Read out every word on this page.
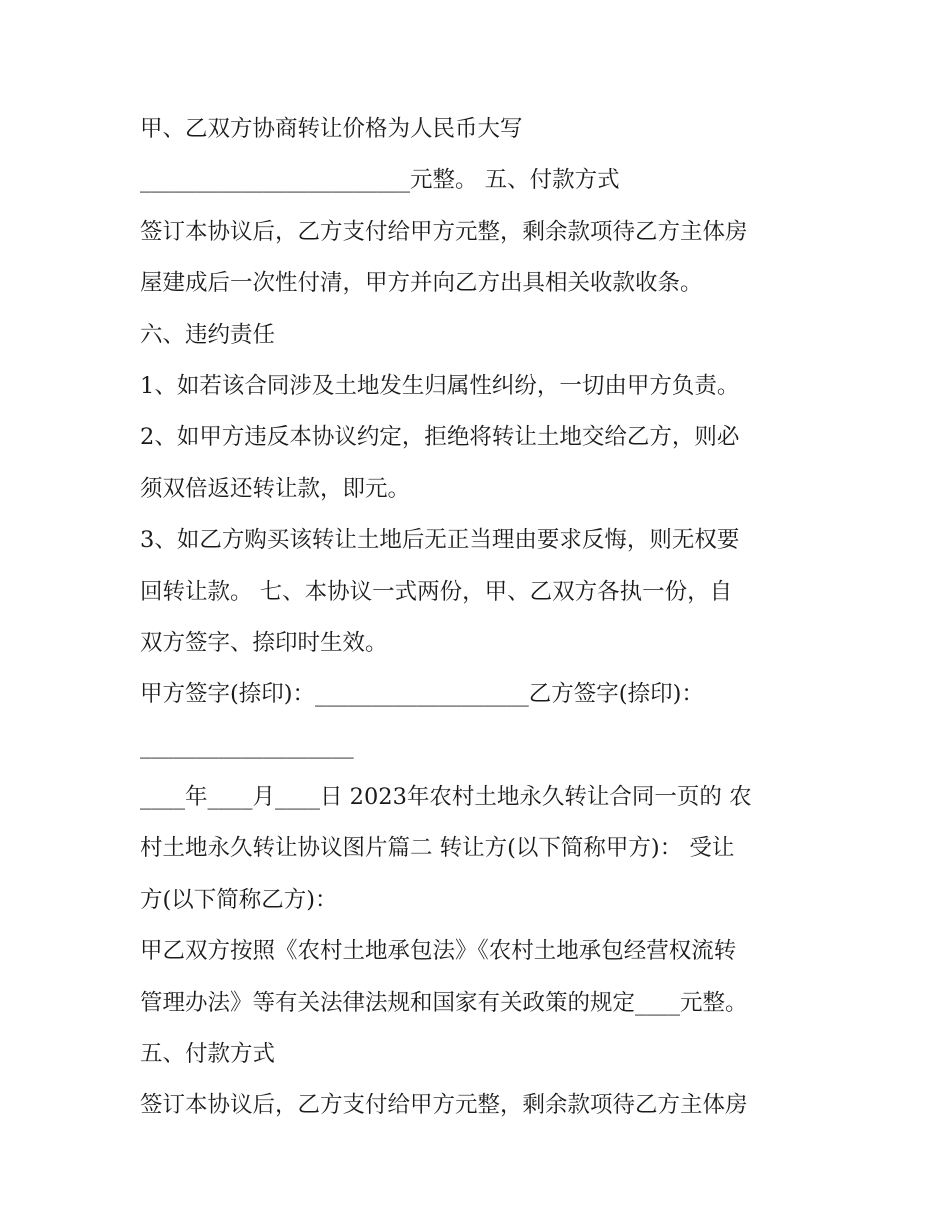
甲、乙双方协商转让价格为人民币大写
________________________元整。 五、付款方式
签订本协议后，乙方支付给甲方元整，剩余款项待乙方主体房
屋建成后一次性付清，甲方并向乙方出具相关收款收条。
六、违约责任
1、如若该合同涉及土地发生归属性纠纷，一切由甲方负责。
2、如甲方违反本协议约定，拒绝将转让土地交给乙方，则必
须双倍返还转让款，即元。
3、如乙方购买该转让土地后无正当理由要求反悔，则无权要
回转让款。 七、本协议一式两份，甲、乙双方各执一份，自
双方签字、捺印时生效。
甲方签字(捺印)：___________________乙方签字(捺印)：
___________________
____年____月____日 2023年农村土地永久转让合同一页的 农
村土地永久转让协议图片篇二 转让方(以下简称甲方)： 受让
方(以下简称乙方)：
甲乙双方按照《农村土地承包法》《农村土地承包经营权流转
管理办法》等有关法律法规和国家有关政策的规定____元整。
五、付款方式
签订本协议后，乙方支付给甲方元整，剩余款项待乙方主体房
